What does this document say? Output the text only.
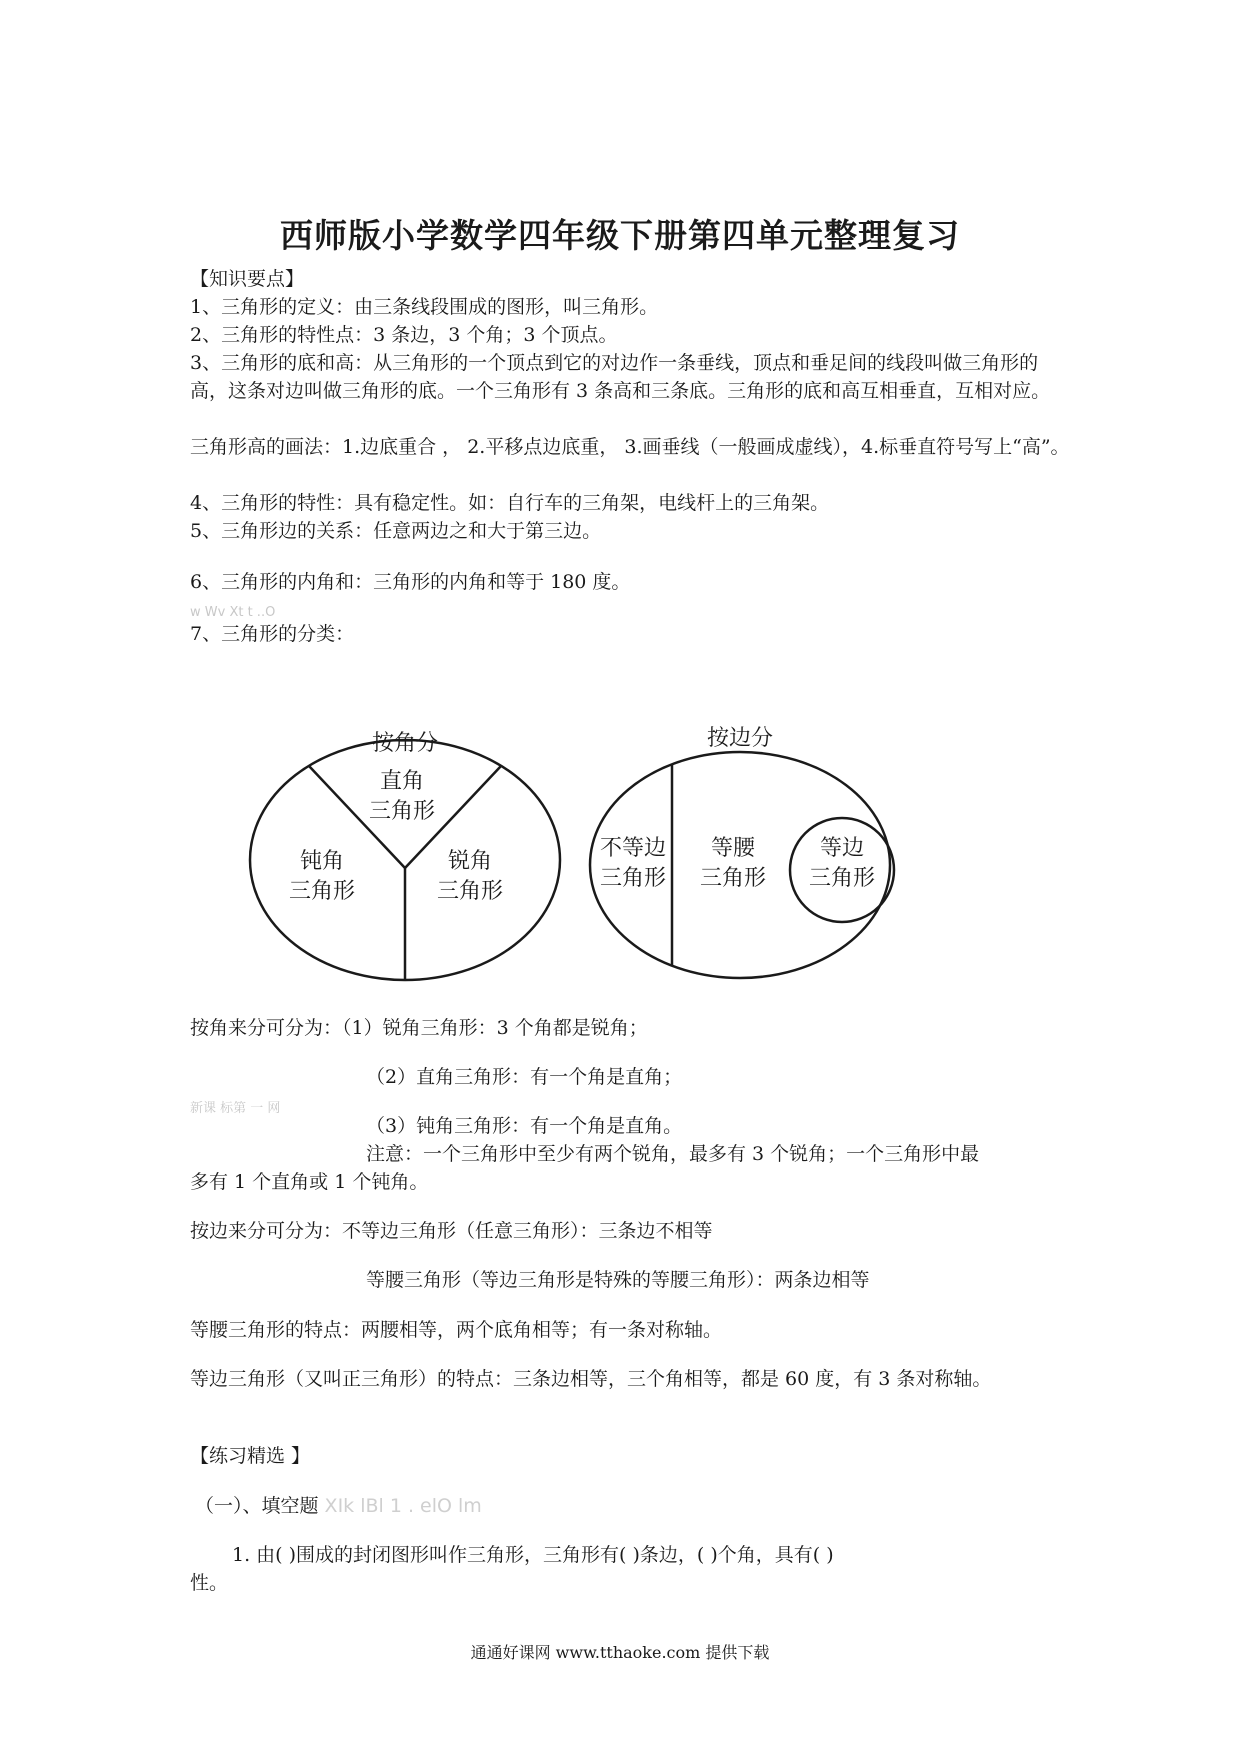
西师版小学数学四年级下册第四单元整理复习
【知识要点】
1、三角形的定义：由三条线段围成的图形，叫三角形。
2、三角形的特性点：3 条边，3 个角；3 个顶点。
3、三角形的底和高：从三角形的一个顶点到它的对边作一条垂线，顶点和垂足间的线段叫做三角形的高，这条对边叫做三角形的底。一个三角形有 3 条高和三条底。三角形的底和高互相垂直，互相对应。
三角形高的画法：1.边底重合 ， 2.平移点边底重， 3.画垂线（一般画成虚线），4.标垂直符号写上“高”。
4、三角形的特性：具有稳定性。如：自行车的三角架，电线杆上的三角架。
5、三角形边的关系：任意两边之和大于第三边。
6、三角形的内角和：三角形的内角和等于 180 度。
w Wv Xt t ..O
7、三角形的分类：
按角分
直角
三角形
钝角
三角形
锐角
三角形
按边分
不等边
三角形
等腰
三角形
等边
三角形
按角来分可分为：（1）锐角三角形：3 个角都是锐角；
（2）直角三角形：有一个角是直角；
新课 标第 一 网
（3）钝角三角形：有一个角是直角。
注意：一个三角形中至少有两个锐角，最多有 3 个锐角；一个三角形中最
多有 1 个直角或 1 个钝角。
按边来分可分为：不等边三角形（任意三角形）：三条边不相等
等腰三角形（等边三角形是特殊的等腰三角形）：两条边相等
等腰三角形的特点：两腰相等，两个底角相等；有一条对称轴。
等边三角形（又叫正三角形）的特点：三条边相等，三个角相等，都是 60 度，有 3 条对称轴。
【练习精选 】
（一）、填空题 XIk lBl 1 . elO lm
1. 由( )围成的封闭图形叫作三角形，三角形有( )条边，( )个角，具有( )
性。
通通好课网 www.tthaoke.com 提供下载
